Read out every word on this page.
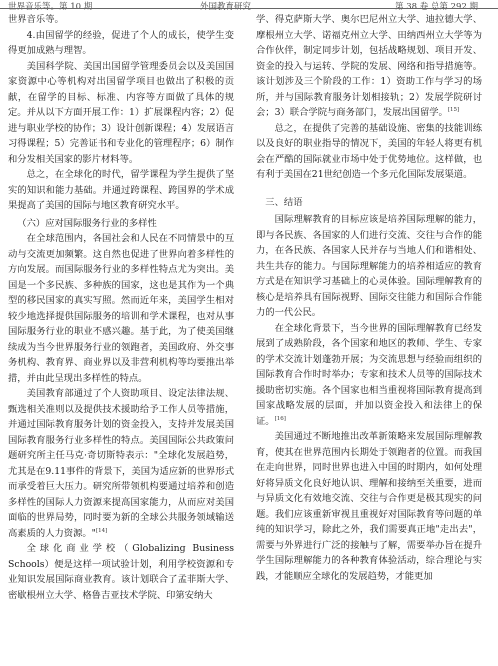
世界音乐等。第 10 期	外国教育研究	第 38 卷 总第 292 期

世界音乐等。

4.由国留学的经验，促进了个人的成长，使学生变得更加成熟与理智。

美国科学院、美国出国留学管理委员会以及美国国家资源中心等机构对出国留学项目也做出了积极的贡献，在留学的目标、标准、内容等方面做了具体的规定。并从以下方面开展工作：1）扩展课程内容；2）促进与职业学校的协作；3）设计创新课程；4）发展语言习得课程；5）完善证书和专业化的管理程序；6）制作和分发相关国家的影片材料等。

总之，在全球化的时代，留学课程为学生提供了坚实的知识和能力基础。并通过跨课程、跨国界的学术成果提高了美国的国际与地区教育研究水平。

（六）应对国际服务行业的多样性

在全球范围内，各国社会和人民在不同情景中的互动与交流更加频繁。这自然也促进了世界向着多样性的方向发展。而国际服务行业的多样性特点尤为突出。美国是一个多民族、多种族的国家，这也是其作为一个典型的移民国家的真实写照。然而近年来，美国学生相对较少地选择提供国际服务的培训和学术课程，也对从事国际服务行业的职业不感兴趣。基于此，为了使美国继续成为当今世界服务行业的领跑者，美国政府、外交事务机构、教育界、商业界以及非营利机构等均要推出举措，并由此呈现出多样性的特点。

美国教育部通过了个人资助项目、设定法律法规、甄选相关准则以及提供技术援助给予工作人员等措施，并通过国际教育服务计划的资金投入，支持并发展美国国际教育服务行业多样性的特点。美国国际公共政策问题研究所主任马克·奇切斯特表示："全球化发展趋势，尤其是在9.11事件的背景下，美国为适应新的世界形式而承受着巨大压力。研究所带领机构要通过培养和创造多样性的国际人力资源来提高国家能力，从而应对美国面临的世界局势，同时要为新的全球公共服务领域输送高素质的人力资源。"[14]

全球化商业学校（Globalizing Business Schools）便是这样一项试验计划，利用学校资源和专业知识发展国际商业教育。该计划联合了孟菲斯大学、密歇根州立大学、格鲁吉亚技术学院、印第安纳大

学、得克萨斯大学、奥尔巴尼州立大学、迪拉德大学、摩根州立大学、诺福克州立大学、田纳西州立大学等为合作伙伴，制定同步计划，包括战略规划、项目开发、资金的投入与运转、学院的发展、网络和指导措施等。该计划涉及三个阶段的工作：1）资助工作与学习的场所，并与国际教育服务计划相接轨；2）发展学院研讨会；3）联合学院与商务部门，发展出国留学。[15]

总之，在提供了完善的基础设施、密集的技能训练以及良好的职业指导的情况下，美国的年轻人将更有机会在严酷的国际就业市场中处于优势地位。这样做，也有利于美国在21世纪创造一个多元化国际发展渠道。

三、结语

国际理解教育的目标应该是培养国际理解的能力，即与各民族、各国家的人们进行交流、交往与合作的能力，在各民族、各国家人民并存与当地人们和谐相处、共生共存的能力。与国际理解能力的培养相适应的教育方式是在知识学习基础上的心灵体验。国际理解教育的核心是培养具有国际视野、国际交往能力和国际合作能力的一代公民。

在全球化背景下，当今世界的国际理解教育已经发展到了成熟阶段，各个国家和地区的教师、学生、专家的学术交流计划蓬勃开展；为交流思想与经验而组织的国际教育合作时时举办；专家和技术人员等的国际技术援助密切实施。各个国家也相当重视将国际教育提高到国家战略发展的层面，并加以资金投入和法律上的保证。[16]

美国通过不断地推出改革新策略来发展国际理解教育，使其在世界范围内长期处于领跑者的位置。而我国在走向世界，同时世界也进入中国的时期内，如何处理好将异质文化良好地认识、理解和接纳至关重要，进而与异质文化有效地交流、交往与合作更是极其现实的问题。我们应该重新审视且重视好对国际教育等问题的单纯的知识学习，除此之外，我们需要真正地"走出去"，需要与外界进行广泛的接触与了解，需要举办旨在提升学生国际理解能力的各种教育体验活动，综合理论与实践，才能顺应全球化的发展趋势，才能更加
